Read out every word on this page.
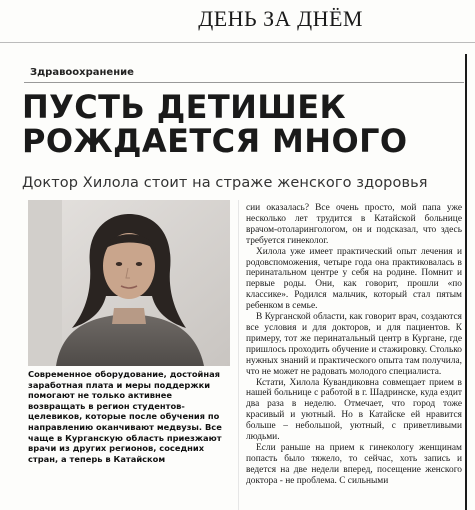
ДЕНЬ ЗА ДНЁМ
Здравоохранение
ПУСТЬ ДЕТИШЕК
РОЖДАЕТСЯ МНОГО
Доктор Хилола стоит на страже женского здоровья
Современное оборудование, достойная заработная плата и меры поддержки помогают не только активнее возвращать в регион студентов-целевиков, которые после обучения по направлению оканчивают медвузы. Все чаще в Курганскую область приезжают врачи из других регионов, соседних стран, а теперь в Катайском

сии оказалась? Все очень просто, мой папа уже несколько лет трудится в Катайской больнице врачом-отоларингологом, он и подсказал, что здесь требуется гинеколог.

Хилола уже имеет практический опыт лечения и родовспоможения, четыре года она практиковалась в перинатальном центре у себя на родине. Помнит и первые роды. Они, как говорит, прошли «по классике». Родился мальчик, который стал пятым ребенком в семье.

В Курганской области, как говорит врач, создаются все условия и для докторов, и для пациентов. К примеру, тот же перинатальный центр в Кургане, где пришлось проходить обучение и стажировку. Столько нужных знаний и практического опыта там получила, что не может не радовать молодого специалиста.

Кстати, Хилола Кувандиковна совмещает прием в нашей больнице с работой в г. Шадринске, куда ездит два раза в неделю. Отмечает, что город тоже красивый и уютный. Но в Катайске ей нравится больше – небольшой, уютный, с приветливыми людьми.

Если раньше на прием к гинекологу женщинам попасть было тяжело, то сейчас, хоть запись и ведется на две недели вперед, посещение женского доктора - не проблема. С сильными
